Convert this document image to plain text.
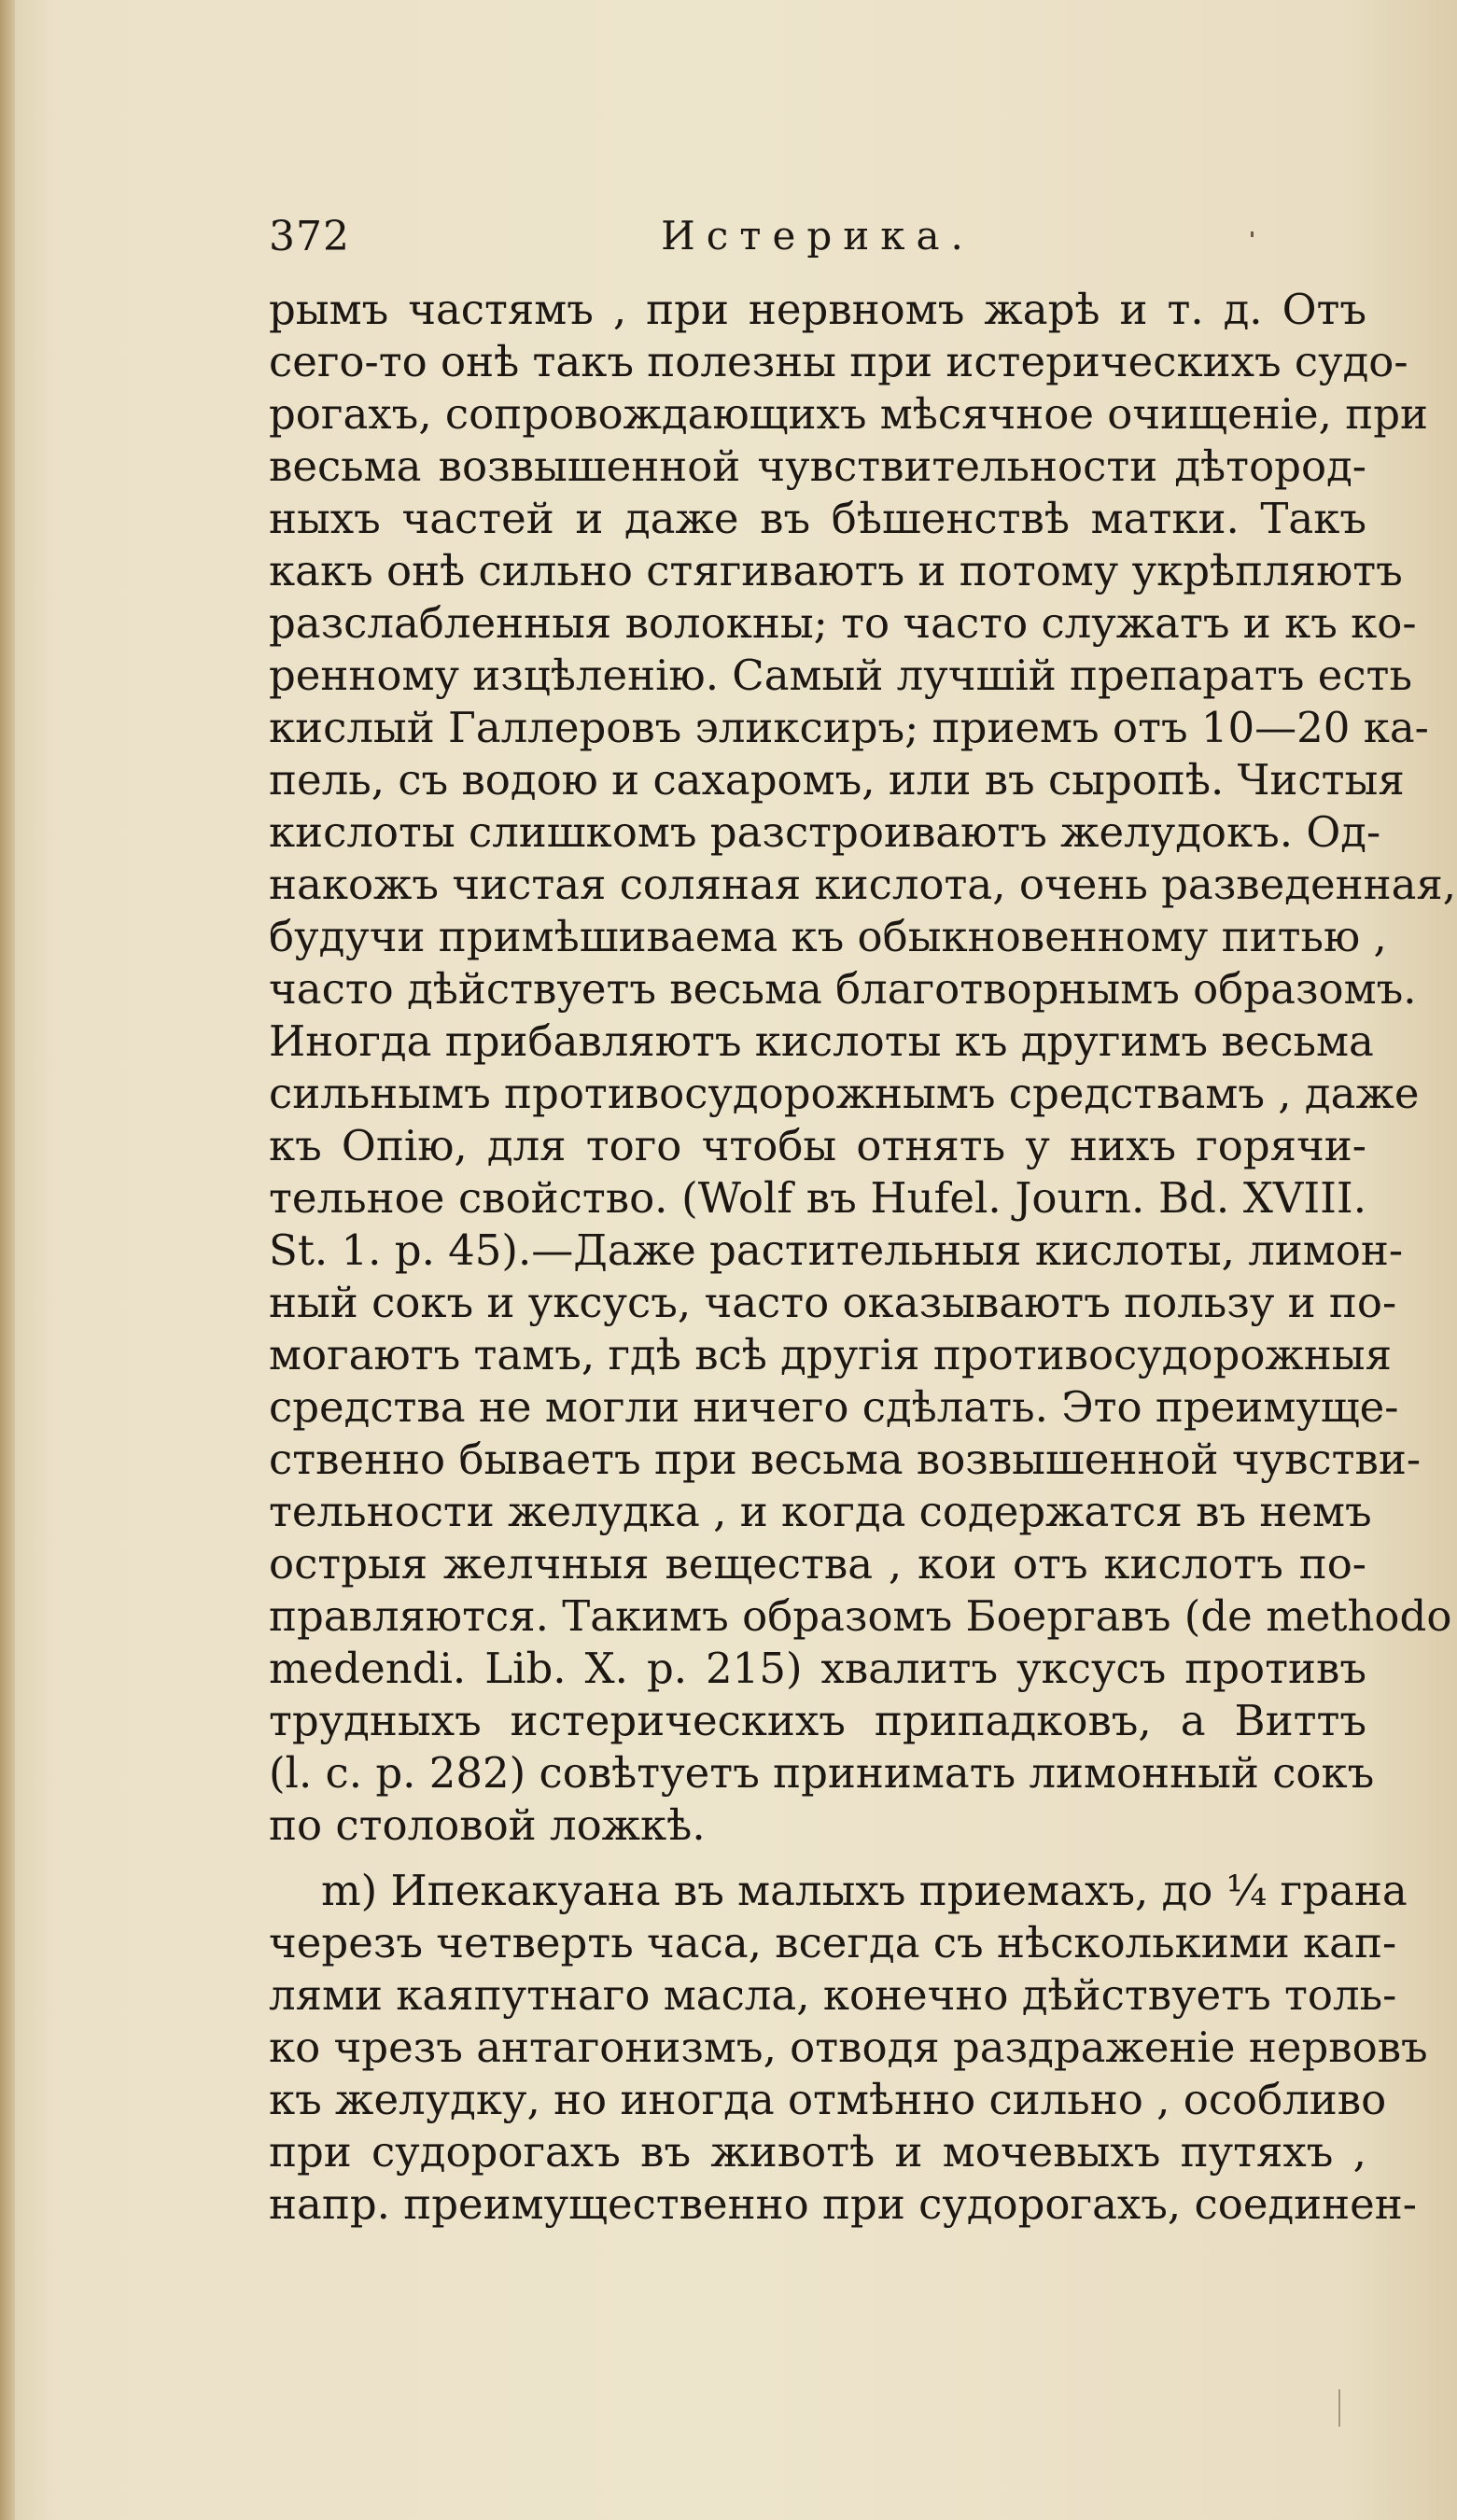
372	Истерика.
рымъ частямъ , при нервномъ жарѣ и т. д. Отъ
сего-то онѣ такъ полезны при истерическихъ судо-
рогахъ, сопровождающихъ мѣсячное очищенiе, при
весьма возвышенной чувствительности дѣтород-
ныхъ частей и даже въ бѣшенствѣ матки. Такъ
какъ онѣ сильно стягиваютъ и потому укрѣпляютъ
разслабленныя волокны; то часто служатъ и къ ко-
ренному изцѣленiю. Самый лучшiй препаратъ есть
кислый Галлеровъ эликсиръ; приемъ отъ 10—20 ка-
пель, съ водою и сахаромъ, или въ сыропѣ. Чистыя
кислоты слишкомъ разстроиваютъ желудокъ. Од-
накожъ чистая соляная кислота, очень разведенная,
будучи примѣшиваема къ обыкновенному питью ,
часто дѣйствуетъ весьма благотворнымъ образомъ.
Иногда прибавляютъ кислоты къ другимъ весьма
сильнымъ противосудорожнымъ средствамъ , даже
къ Опiю, для того чтобы отнять у нихъ горячи-
тельное свойство. (Wolf въ Hufel. Journ. Bd. XVIII.
St. 1. p. 45).—Даже растительныя кислоты, лимон-
ный сокъ и уксусъ, часто оказываютъ пользу и по-
могаютъ тамъ, гдѣ всѣ другiя противосудорожныя
средства не могли ничего сдѣлать. Это преимуще-
ственно бываетъ при весьма возвышенной чувстви-
тельности желудка , и когда содержатся въ немъ
острыя желчныя вещества , кои отъ кислотъ по-
правляются. Такимъ образомъ Боергавъ (de methodo
medendi. Lib. X. p. 215) хвалитъ уксусъ противъ
трудныхъ истерическихъ припадковъ, а Виттъ
(l. c. p. 282) совѣтуетъ принимать лимонный сокъ
по столовой ложкѣ.
m) Ипекакуана въ малыхъ приемахъ, до ¼ грана
черезъ четверть часа, всегда съ нѣсколькими кап-
лями каяпутнаго масла, конечно дѣйствуетъ толь-
ко чрезъ антагонизмъ, отводя раздраженiе нервовъ
къ желудку, но иногда отмѣнно сильно , особливо
при судорогахъ въ животѣ и мочевыхъ путяхъ ,
напр. преимущественно при судорогахъ, соединен-
